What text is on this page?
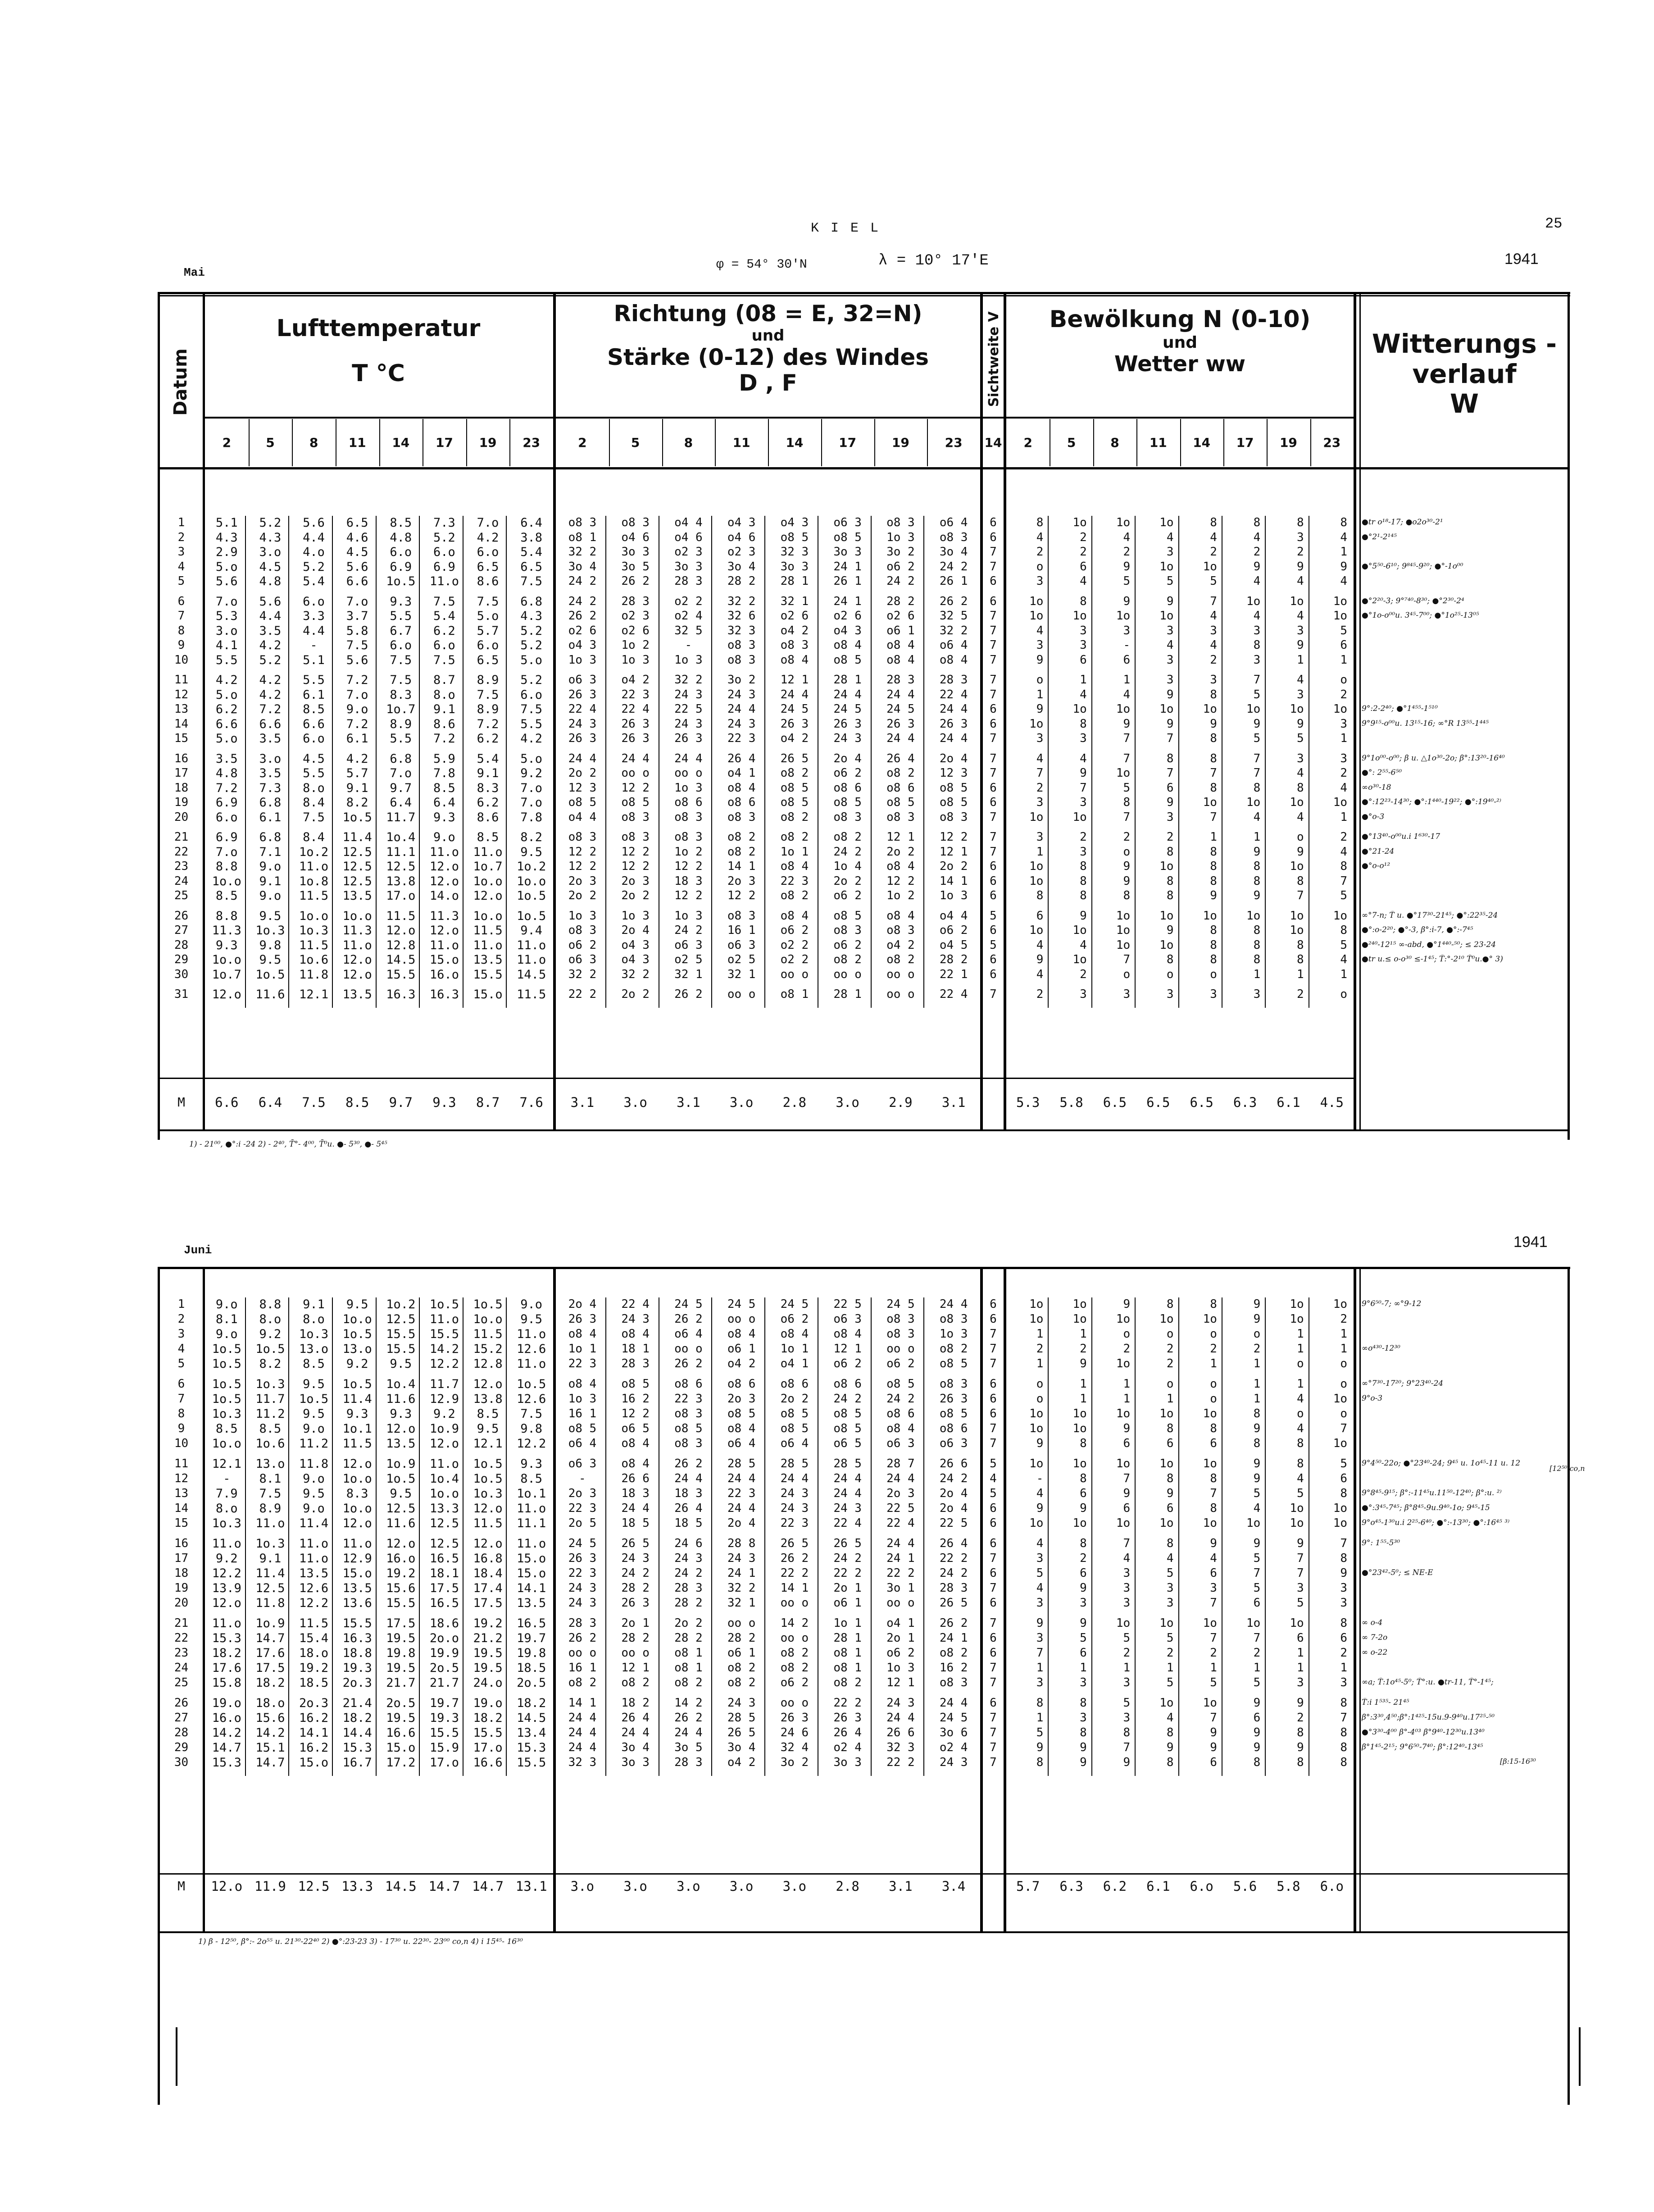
K I E L	25
Mai
φ = 54° 30'N	λ = 10° 17'E	1941
Datum
Lufttemperatur
T °C
Richtung (08 = E, 32=N)
und
Stärke (0-12) des Windes
D , F	Sichtweite V	Bewölkung N (0-10)
und
Wetter ww
Witterungs -
verlauf
W
2	5	8	11	14	17	19	23	2	5	8	11	14	17	19	23	14	2	5	8	11	14	17	19	23
1	5.1	5.2	5.6	6.5	8.5	7.3	7.o	6.4	o8 3	o8 3	o4 4	o4 3	o4 3	o6 3	o8 3	o6 4	6	8	1o	1o	1o	8	8	8	8	●tr o¹⁸-17; ●o2o³⁰-2¹
2	4.3	4.3	4.4	4.6	4.8	5.2	4.2	3.8	o8 1	o4 6	o4 6	o4 6	o8 5	o8 5	1o 3	o8 3	6	4	2	4	4	4	4	3	4	●°2¹-2¹⁴⁵
3	2.9	3.o	4.o	4.5	6.o	6.o	6.o	5.4	32 2	3o 3	o2 3	o2 3	32 3	3o 3	3o 2	3o 4	7	2	2	2	3	2	2	2	1
4	5.o	4.5	5.2	5.6	6.9	6.9	6.5	6.5	3o 4	3o 5	3o 3	3o 4	3o 3	24 1	o6 2	24 2	7	o	6	9	1o	1o	9	9	9	●°5⁵⁰-6¹⁰; 9⁸⁴⁵-9²⁰; ●°-1o⁰⁰
5	5.6	4.8	5.4	6.6	1o.5	11.o	8.6	7.5	24 2	26 2	28 3	28 2	28 1	26 1	24 2	26 1	6	3	4	5	5	5	4	4	4
6	7.o	5.6	6.o	7.o	9.3	7.5	7.5	6.8	24 2	28 3	o2 2	32 2	32 1	24 1	28 2	26 2	6	1o	8	9	9	7	1o	1o	1o	●°2²⁰-3; 9°⁷⁴⁰-8³⁰; ●°2³⁰-2⁴
7	5.3	4.4	3.3	3.7	5.5	5.4	5.o	4.3	26 2	o2 3	o2 4	32 6	o2 6	o2 6	o2 6	32 5	7	1o	1o	1o	1o	4	4	4	1o	●°1o-o⁰⁰u. 3⁴⁵-7⁰⁰; ●°1o²⁵-13⁰⁵
8	3.o	3.5	4.4	5.8	6.7	6.2	5.7	5.2	o2 6	o2 6	32 5	32 3	o4 2	o4 3	o6 1	32 2	7	4	3	3	3	3	3	3	5
9	4.1	4.2	-	7.5	6.o	6.o	6.o	5.2	o4 3	1o 2	-	o8 3	o8 3	o8 4	o8 4	o6 4	7	3	3	-	4	4	8	9	6
10	5.5	5.2	5.1	5.6	7.5	7.5	6.5	5.o	1o 3	1o 3	1o 3	o8 3	o8 4	o8 5	o8 4	o8 4	7	9	6	6	3	2	3	1	1
11	4.2	4.2	5.5	7.2	7.5	8.7	8.9	5.2	o6 3	o4 2	32 2	3o 2	12 1	28 1	28 3	28 3	7	o	1	1	3	3	7	4	o
12	5.o	4.2	6.1	7.o	8.3	8.o	7.5	6.o	26 3	22 3	24 3	24 3	24 4	24 4	24 4	22 4	7	1	4	4	9	8	5	3	2
13	6.2	7.2	8.5	9.o	1o.7	9.1	8.9	7.5	22 4	22 4	22 5	24 4	24 5	24 5	24 5	24 4	6	9	1o	1o	1o	1o	1o	1o	1o	9°:2-2⁴⁰; ●°1⁴⁵⁵-1⁵¹⁰
14	6.6	6.6	6.6	7.2	8.9	8.6	7.2	5.5	24 3	26 3	24 3	24 3	26 3	26 3	26 3	26 3	6	1o	8	9	9	9	9	9	3	9°9¹⁵-o⁰⁰u. 13¹⁵-16; ∞°R 13⁵⁵-1⁴⁴⁵
15	5.o	3.5	6.o	6.1	5.5	7.2	6.2	4.2	26 3	26 3	26 3	22 3	o4 2	24 3	24 4	24 4	7	3	3	7	7	8	5	5	1
16	3.5	3.o	4.5	4.2	6.8	5.9	5.4	5.o	24 4	24 4	24 4	26 4	26 5	2o 4	26 4	2o 4	7	4	4	7	8	8	7	3	3	9°1o⁰⁰-o⁰⁰; β u. △1o³⁰-2o; β°:13²⁰-16⁴⁰
17	4.8	3.5	5.5	5.7	7.o	7.8	9.1	9.2	2o 2	oo o	oo o	o4 1	o8 2	o6 2	o8 2	12 3	7	7	9	1o	7	7	7	4	2	●°: 2⁵⁵-6⁵⁰
18	7.2	7.3	8.o	9.1	9.7	8.5	8.3	7.o	12 3	12 2	1o 3	o8 4	o8 5	o8 6	o8 6	o8 5	6	2	7	5	6	8	8	8	4	∞o³⁰-18
19	6.9	6.8	8.4	8.2	6.4	6.4	6.2	7.o	o8 5	o8 5	o8 6	o8 6	o8 5	o8 5	o8 5	o8 5	6	3	3	8	9	1o	1o	1o	1o	●°:12²³-14³⁰; ●°:1⁴⁴⁰-19²²; ●°:19⁴⁰-²⁾
20	6.o	6.1	7.5	1o.5	11.7	9.3	8.6	7.8	o4 4	o8 3	o8 3	o8 3	o8 2	o8 3	o8 3	o8 3	7	1o	1o	7	3	7	4	4	1	●°o-3
21	6.9	6.8	8.4	11.4	1o.4	9.o	8.5	8.2	o8 3	o8 3	o8 3	o8 2	o8 2	o8 2	12 1	12 2	7	3	2	2	2	1	1	o	2	●°13⁴⁰-o⁰⁰u.i 1⁶³⁰-17
22	7.o	7.1	1o.2	12.5	11.1	11.o	11.o	9.5	12 2	12 2	1o 2	o8 2	1o 1	24 2	2o 2	12 1	7	1	3	o	8	8	9	9	4	●°21-24
23	8.8	9.o	11.o	12.5	12.5	12.o	1o.7	1o.2	12 2	12 2	12 2	14 1	o8 4	1o 4	o8 4	2o 2	6	1o	8	9	1o	8	8	1o	8	●°o-o¹²
24	1o.o	9.1	1o.8	12.5	13.8	12.o	1o.o	1o.o	2o 3	2o 3	18 3	2o 3	22 3	2o 2	12 2	14 1	6	1o	8	9	8	8	8	8	7
25	8.5	9.o	11.5	13.5	17.o	14.o	12.o	1o.5	2o 2	2o 2	12 2	12 2	o8 2	o6 2	1o 2	1o 3	6	8	8	8	8	9	9	7	5
26	8.8	9.5	1o.o	1o.o	11.5	11.3	1o.o	1o.5	1o 3	1o 3	1o 3	o8 3	o8 4	o8 5	o8 4	o4 4	5	6	9	1o	1o	1o	1o	1o	1o	∞°7-n; T̄ u. ●°17³⁰-21⁴⁵; ●°:22³⁵-24
27	11.3	1o.3	1o.3	11.3	12.o	12.o	11.5	9.4	o8 3	2o 4	24 2	16 1	o6 2	o8 3	o8 3	o6 2	6	1o	1o	1o	9	8	8	1o	8	●°:o-2²⁰; ●°-3, β°:i-7, ●°:-7⁴⁵
28	9.3	9.8	11.5	11.o	12.8	11.o	11.o	11.o	o6 2	o4 3	o6 3	o6 3	o2 2	o6 2	o4 2	o4 5	5	4	4	1o	1o	8	8	8	5	●²⁴⁰-12¹⁵ ∞-abd, ●°1⁴⁴⁰-⁵⁰; ≤ 23-24
29	1o.o	9.5	1o.6	12.o	14.5	15.o	13.5	11.o	o6 3	o4 3	o2 5	o2 5	o2 2	o8 2	o8 2	28 2	6	9	1o	7	8	8	8	8	4	●tr u.≤ o-o³⁰ ≤-1⁴⁵; T̄:°-2¹⁰ T̄⁰u.●° 3)
30	1o.7	1o.5	11.8	12.o	15.5	16.o	15.5	14.5	32 2	32 2	32 1	32 1	oo o	oo o	oo o	22 1	6	4	2	o	o	o	1	1	1
31	12.o	11.6	12.1	13.5	16.3	16.3	15.o	11.5	22 2	2o 2	26 2	oo o	o8 1	28 1	oo o	22 4	7	2	3	3	3	3	3	2	o
M	6.6	6.4	7.5	8.5	9.7	9.3	8.7	7.6	3.1	3.o	3.1	3.o	2.8	3.o	2.9	3.1	5.3	5.8	6.5	6.5	6.5	6.3	6.1	4.5
1) - 21⁰⁰, ●°:i -24 2) - 2⁴⁰, T̄°- 4⁰⁰, T̄⁰u. ●- 5³⁰, ●- 5⁴⁵
Juni	1941
1	9.o	8.8	9.1	9.5	1o.2	1o.5	1o.5	9.o	2o 4	22 4	24 5	24 5	24 5	22 5	24 5	24 4	6	1o	1o	9	8	8	9	1o	1o	9°6⁵⁰-7; ∞°9-12
2	8.1	8.o	8.o	1o.o	12.5	11.o	1o.o	9.5	26 3	24 3	26 2	oo o	o6 2	o6 3	o8 3	o8 3	6	1o	1o	1o	1o	1o	9	1o	2
3	9.o	9.2	1o.3	1o.5	15.5	15.5	11.5	11.o	o8 4	o8 4	o6 4	o8 4	o8 4	o8 4	o8 3	1o 3	7	1	1	o	o	o	o	1	1
4	1o.5	1o.5	13.o	13.o	15.5	14.2	15.2	12.6	1o 1	18 1	oo o	o6 1	1o 1	12 1	oo o	o8 2	7	2	2	2	2	2	2	1	1	∞o⁴³⁰-12³⁰
5	1o.5	8.2	8.5	9.2	9.5	12.2	12.8	11.o	22 3	28 3	26 2	o4 2	o4 1	o6 2	o6 2	o8 5	7	1	9	1o	2	1	1	o	o
6	1o.5	1o.3	9.5	1o.5	1o.4	11.7	12.o	1o.5	o8 4	o8 5	o8 6	o8 6	o8 6	o8 6	o8 5	o8 3	6	o	1	1	o	o	1	1	o	∞°7³⁰-17²⁰; 9°23⁴⁰-24
7	1o.5	11.7	1o.5	11.4	11.6	12.9	13.8	12.6	1o 3	16 2	22 3	2o 3	2o 2	24 2	24 2	26 3	6	o	1	1	1	o	1	4	1o	9°o-3
8	1o.3	11.2	9.5	9.3	9.3	9.2	8.5	7.5	16 1	12 2	o8 3	o8 5	o8 5	o8 5	o8 6	o8 5	6	1o	1o	1o	1o	1o	8	o	o
9	8.5	8.5	9.o	1o.1	12.o	1o.9	9.5	9.8	o8 5	o6 5	o8 5	o8 4	o8 5	o8 5	o8 4	o8 6	7	1o	1o	9	8	8	9	4	7
10	1o.o	1o.6	11.2	11.5	13.5	12.o	12.1	12.2	o6 4	o8 4	o8 3	o6 4	o6 4	o6 5	o6 3	o6 3	7	9	8	6	6	6	8	8	1o
11	12.1	13.o	11.8	12.o	1o.9	11.o	1o.5	9.3	o6 3	o8 4	26 2	28 5	28 5	28 5	28 7	26 6	5	1o	1o	1o	1o	1o	9	8	5	9°4⁵⁰-22o; ●°23⁴⁰-24; 9⁴⁵ u. 1o⁴⁵-11 u. 12
12	-	8.1	9.o	1o.o	1o.5	1o.4	1o.5	8.5	-	26 6	24 4	24 4	24 4	24 4	24 4	24 2	4	-	8	7	8	8	9	4	6
13	7.9	7.5	9.5	8.3	9.5	1o.o	1o.3	1o.1	2o 3	18 3	18 3	22 3	24 3	24 4	2o 3	2o 4	5	4	6	9	9	7	5	5	8	9°8⁴⁵-9¹⁵; β°:-11⁴⁵u.11⁵⁰-12⁴⁰; β°:u. ²⁾
14	8.o	8.9	9.o	1o.o	12.5	13.3	12.o	11.o	22 3	24 4	26 4	24 4	24 3	24 3	22 5	2o 4	6	9	9	6	6	8	4	1o	1o	●°:3⁴⁵-7⁴⁵; β°8⁴⁵-9u.9⁴⁰-1o; 9⁴⁵-15
15	1o.3	11.o	11.4	12.o	11.6	12.5	11.5	11.1	2o 5	18 5	18 5	2o 4	22 3	22 4	22 4	22 5	6	1o	1o	1o	1o	1o	1o	1o	1o	9°o⁴⁵-1³⁰u.i 2²⁵-6⁴⁰; ●°:-13³⁰; ●°:16⁴⁵ ³⁾
16	11.o	1o.3	11.o	11.o	12.o	12.5	12.o	11.o	24 5	26 5	24 6	28 8	26 5	26 5	24 4	26 4	6	4	8	7	8	9	9	9	7	9°: 1⁵⁵-5³⁰
17	9.2	9.1	11.o	12.9	16.o	16.5	16.8	15.o	26 3	24 3	24 3	24 3	26 2	24 2	24 1	22 2	7	3	2	4	4	4	5	7	8
18	12.2	11.4	13.5	15.o	19.2	18.1	18.4	15.o	22 3	24 2	24 2	24 1	22 2	22 2	22 2	24 2	6	5	6	3	5	6	7	7	9	●°23⁴²-5⁰; ≤ NE-E
19	13.9	12.5	12.6	13.5	15.6	17.5	17.4	14.1	24 3	28 2	28 3	32 2	14 1	2o 1	3o 1	28 3	7	4	9	3	3	3	5	3	3
20	12.o	11.8	12.2	13.6	15.5	16.5	17.5	13.5	24 3	26 3	28 2	32 1	oo o	o6 1	oo o	26 5	6	3	3	3	3	7	6	5	3
21	11.o	1o.9	11.5	15.5	17.5	18.6	19.2	16.5	28 3	2o 1	2o 2	oo o	14 2	1o 1	o4 1	26 2	7	9	9	1o	1o	1o	1o	1o	8	∞ o-4
22	15.3	14.7	15.4	16.3	19.5	2o.o	21.2	19.7	26 2	28 2	28 2	28 2	oo o	28 1	2o 1	24 1	6	3	5	5	5	7	7	6	6	∞ 7-2o
23	18.2	17.6	18.o	18.8	19.8	19.9	19.5	19.8	oo o	oo o	o8 1	o6 1	o8 2	o8 1	o6 2	o8 2	6	7	6	2	2	2	2	1	2	∞ o-22
24	17.6	17.5	19.2	19.3	19.5	2o.5	19.5	18.5	16 1	12 1	o8 1	o8 2	o8 2	o8 1	1o 3	16 2	7	1	1	1	1	1	1	1	1
25	15.8	18.2	18.5	2o.3	21.7	21.7	24.o	2o.5	o8 2	o8 2	o8 2	o8 2	o6 2	o8 2	12 1	o8 3	7	3	3	3	5	5	5	3	3	∞a; T̄:1o⁴⁵-5⁰; T̄°:u. ●tr-11, T̄°-1⁴⁵;
26	19.o	18.o	2o.3	21.4	2o.5	19.7	19.o	18.2	14 1	18 2	14 2	24 3	oo o	22 2	24 3	24 4	6	8	8	5	1o	1o	9	9	8	T̄:i 1⁵³⁵- 21⁴⁵
27	16.o	15.6	16.2	18.2	19.5	19.3	18.2	14.5	24 4	26 4	26 2	28 5	26 3	26 3	24 4	24 5	7	1	3	3	4	7	6	2	7	β°:3³⁰,4⁵⁰;β°:1⁴²⁵-15u.9-9⁴⁰u.17²⁵-⁵⁰
28	14.2	14.2	14.1	14.4	16.6	15.5	15.5	13.4	24 4	24 4	24 4	26 5	24 6	26 4	26 6	3o 6	7	5	8	8	8	9	9	8	8	●°3³⁰-4⁰⁰ β°-4⁰³ β°9⁴⁰-12³⁰u.13⁴⁰
29	14.7	15.1	16.2	15.3	15.o	15.9	17.o	15.3	24 4	3o 4	3o 5	3o 4	32 4	o2 4	32 3	o2 4	7	9	9	7	9	9	9	9	8	β°1⁴⁵-2¹⁵; 9°6⁵⁰-7⁴⁰; β°:12⁴⁰-13⁴⁵
30	15.3	14.7	15.o	16.7	17.2	17.o	16.6	15.5	32 3	3o 3	28 3	o4 2	3o 2	3o 3	22 2	24 3	7	8	9	9	8	6	8	8	8
M	12.o 11.9 12.5 13.3 14.5 14.7 14.7 13.1	3.o	3.o	3.o	3.o	3.o	2.8	3.1	3.4	5.7	6.3	6.2	6.1	6.o	5.6	5.8	6.o
[12⁵⁰ co,n
[β:15-16³⁰
1) β - 12⁵⁰, β°:- 2o⁵⁵ u. 21³⁰-22⁴⁰ 2) ●°:23-23 3) - 17³⁰ u. 22³⁰- 23⁰⁰ co,n 4) i 15⁴⁵- 16³⁰
